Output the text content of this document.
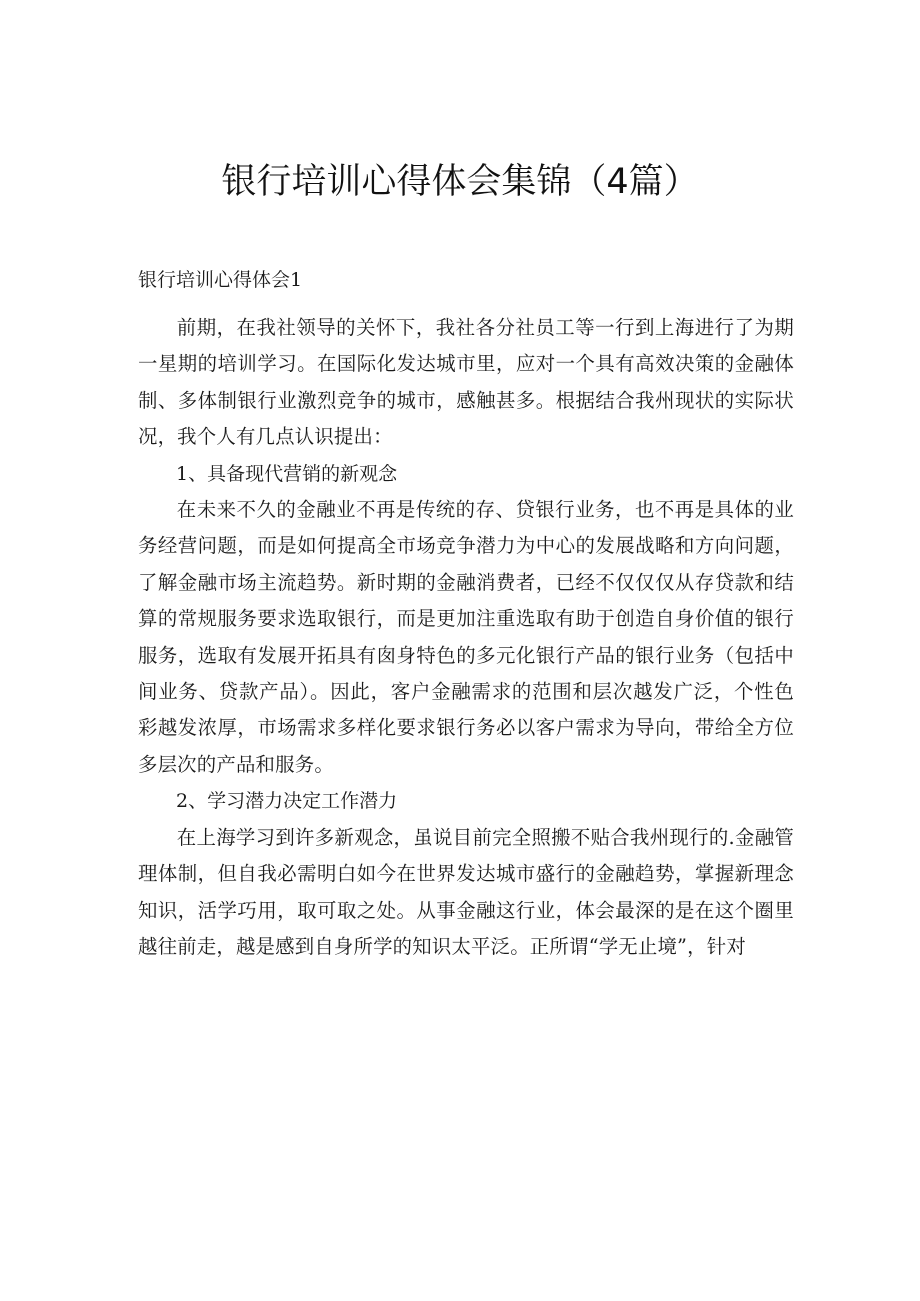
银行培训心得体会集锦（4篇）
银行培训心得体会1

前期，在我社领导的关怀下，我社各分社员工等一行到上海进行了为期一星期的培训学习。在国际化发达城市里，应对一个具有高效决策的金融体制、多体制银行业激烈竞争的城市，感触甚多。根据结合我州现状的实际状况，我个人有几点认识提出：

1、具备现代营销的新观念

在未来不久的金融业不再是传统的存、贷银行业务，也不再是具体的业务经营问题，而是如何提高全市场竞争潜力为中心的发展战略和方向问题，了解金融市场主流趋势。新时期的金融消费者，已经不仅仅仅从存贷款和结算的常规服务要求选取银行，而是更加注重选取有助于创造自身价值的银行服务，选取有发展开拓具有囱身特色的多元化银行产品的银行业务（包括中间业务、贷款产品）。因此，客户金融需求的范围和层次越发广泛，个性色彩越发浓厚，市场需求多样化要求银行务必以客户需求为导向，带给全方位多层次的产品和服务。

2、学习潜力决定工作潜力

在上海学习到许多新观念，虽说目前完全照搬不贴合我州现行的.金融管理体制，但自我必需明白如今在世界发达城市盛行的金融趋势，掌握新理念知识，活学巧用，取可取之处。从事金融这行业，体会最深的是在这个圈里越往前走，越是感到自身所学的知识太平泛。正所谓“学无止境”，针对
